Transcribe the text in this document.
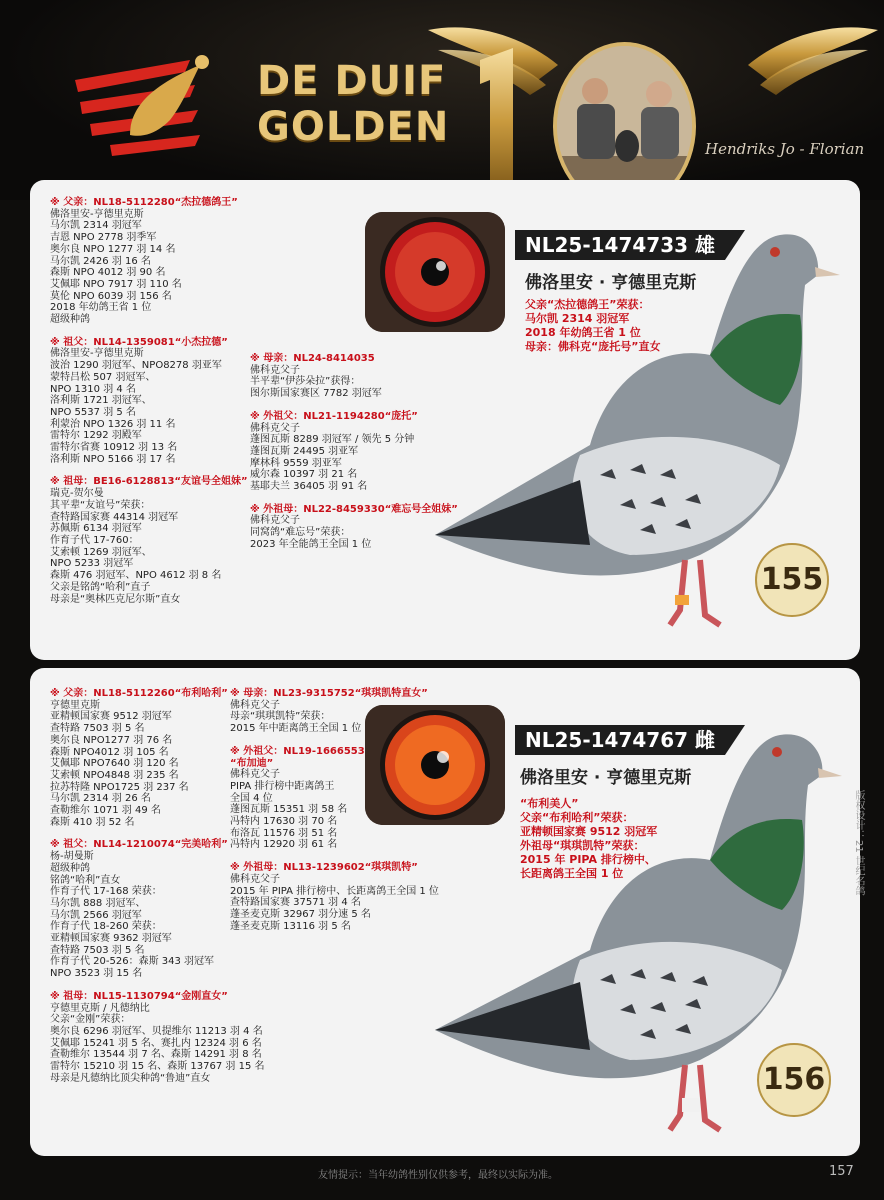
DE DUIF
GOLDEN	Hendriks Jo - Florian
※ 父亲：NL18-5112280“杰拉德鸽王”
佛洛里安-亨德里克斯
马尔凯 2314 羽冠军
吉恩 NPO 2778 羽季军
奥尔良 NPO 1277 羽 14 名
马尔凯 2426 羽 16 名
森斯 NPO 4012 羽 90 名
艾佩耶 NPO 7917 羽 110 名
莫伦 NPO 6039 羽 156 名
2018 年幼鸽王省 1 位
超级种鸽
※ 祖父：NL14-1359081“小杰拉德”
佛洛里安-亨德里克斯
波治 1290 羽冠军、NPO8278 羽亚军
蒙特吕松 507 羽冠军、
NPO 1310 羽 4 名
洛利斯 1721 羽冠军、
NPO 5537 羽 5 名
利蒙治 NPO 1326 羽 11 名
雷特尔 1292 羽殿军
雷特尔省赛 10912 羽 13 名
洛利斯 NPO 5166 羽 17 名
※ 祖母：BE16-6128813“友谊号全姐妹”
瑞克-贺尔曼
其平辈“友谊号”荣获：
查特路国家赛 44314 羽冠军
苏佩斯 6134 羽冠军
作育子代 17-760：
艾索顿 1269 羽冠军、
NPO 5233 羽冠军
森斯 476 羽冠军、NPO 4612 羽 8 名
父亲是铭鸽“哈利”直子
母亲是“奥林匹克尼尔斯”直女
※ 母亲：NL24-8414035
佛科克父子
半平辈“伊莎朵拉”获得：
图尔斯国家赛区 7782 羽冠军
※ 外祖父：NL21-1194280“庞托”
佛科克父子
蓬图瓦斯 8289 羽冠军 / 领先 5 分钟
蓬图瓦斯 24495 羽亚军
摩林科 9559 羽亚军
威尔森 10397 羽 21 名
基耶夫兰 36405 羽 91 名
※ 外祖母：NL22-8459330“难忘号全姐妹”
佛科克父子
同窝鸽“难忘号”荣获：
2023 年全能鸽王全国 1 位
NL25-1474733 雄
佛洛里安 · 亨德里克斯
父亲“杰拉德鸽王”荣获：
马尔凯 2314 羽冠军
2018 年幼鸽王省 1 位
母亲：佛科克“庞托号”直女
155
※ 父亲：NL18-5112260“布利哈利”
亨德里克斯
亚精顿国家赛 9512 羽冠军
查特路 7503 羽 5 名
奥尔良 NPO1277 羽 76 名
森斯 NPO4012 羽 105 名
艾佩耶 NPO7640 羽 120 名
艾索顿 NPO4848 羽 235 名
拉苏特隆 NPO1725 羽 237 名
马尔凯 2314 羽 26 名
查勒维尔 1071 羽 49 名
森斯 410 羽 52 名
※ 祖父：NL14-1210074“完美哈利”
杨-胡曼斯
超级种鸽
铭鸽“哈利”直女
作育子代 17-168 荣获：
马尔凯 888 羽冠军、
马尔凯 2566 羽冠军
作育子代 18-260 荣获：
亚精顿国家赛 9362 羽冠军
查特路 7503 羽 5 名
作育子代 20-526：森斯 343 羽冠军
NPO 3523 羽 15 名
※ 祖母：NL15-1130794“金刚直女”
亨德里克斯 / 凡德纳比
父亲“金刚”荣获：
奥尔良 6296 羽冠军、贝提维尔 11213 羽 4 名
艾佩耶 15241 羽 5 名、赛扎内 12324 羽 6 名
查勒维尔 13544 羽 7 名、森斯 14291 羽 8 名
雷特尔 15210 羽 15 名、森斯 13767 羽 15 名
母亲是凡德纳比顶尖种鸽“鲁迪”直女
※ 母亲：NL23-9315752“琪琪凯特直女”
佛科克父子
母亲“琪琪凯特”荣获：
2015 年中距离鸽王全国 1 位
※ 外祖父：NL19-1666553
“布加迪”
佛科克父子
PIPA 排行榜中距离鸽王
全国 4 位
蓬图瓦斯 15351 羽 58 名
冯特内 17630 羽 70 名
布洛瓦 11576 羽 51 名
冯特内 12920 羽 61 名
※ 外祖母：NL13-1239602“琪琪凯特”
佛科克父子
2015 年 PIPA 排行榜中、长距离鸽王全国 1 位
查特路国家赛 37571 羽 4 名
蓬圣麦克斯 32967 羽分速 5 名
蓬圣麦克斯 13116 羽 5 名
NL25-1474767 雌
佛洛里安 · 亨德里克斯
“布利美人”
父亲“布利哈利”荣获：
亚精顿国家赛 9512 羽冠军
外祖母“琪琪凯特”荣获：
2015 年 PIPA 排行榜中、
长距离鸽王全国 1 位
156
版权设计：21 世纪名鸽
友情提示：当年幼鸽性别仅供参考，最终以实际为准。	157
